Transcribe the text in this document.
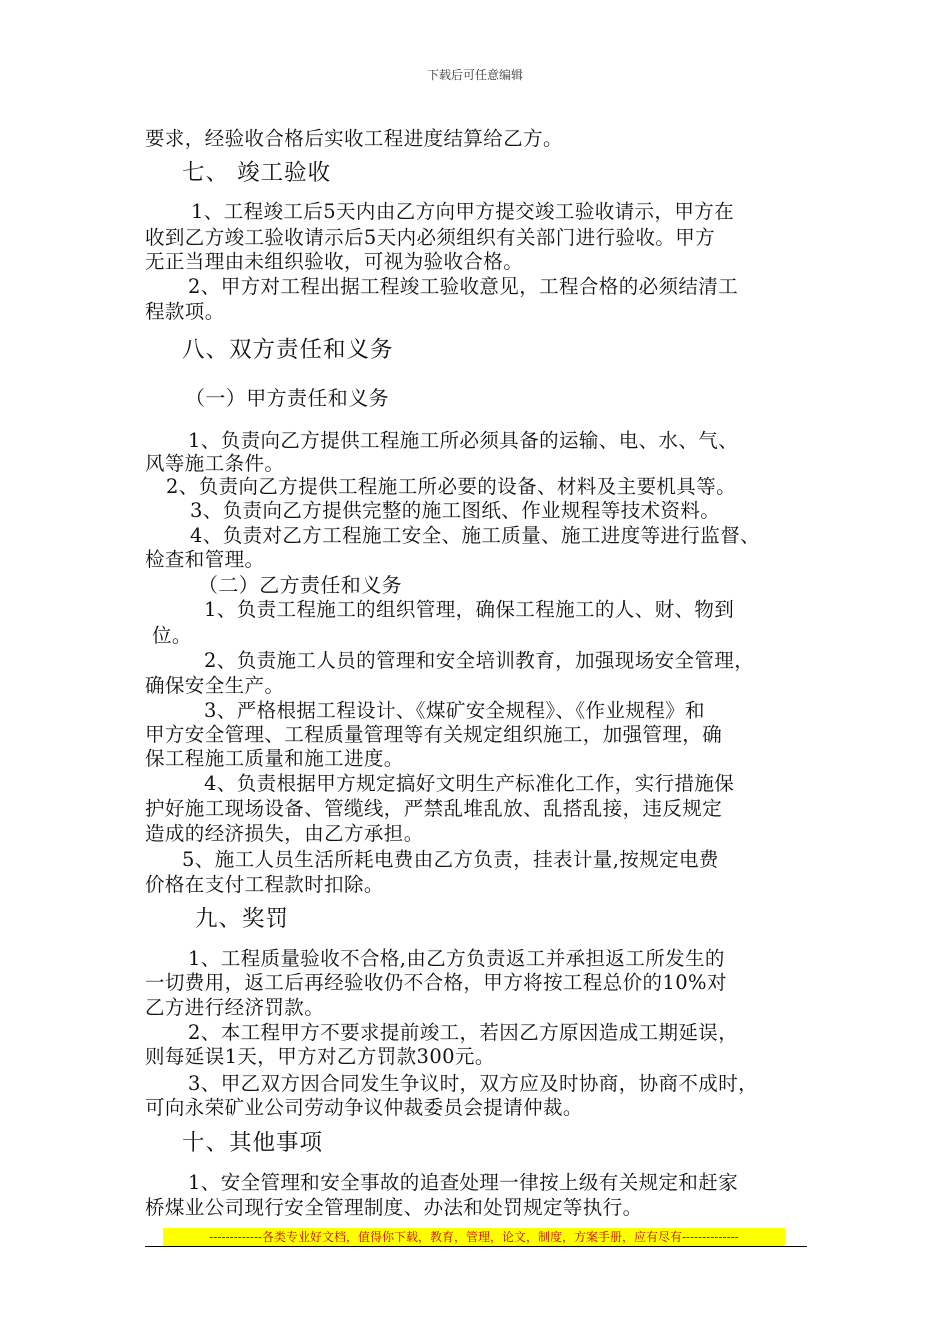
下载后可任意编辑
要求，经验收合格后实收工程进度结算给乙方。
七、 竣工验收
1、工程竣工后5天内由乙方向甲方提交竣工验收请示，甲方在
收到乙方竣工验收请示后5天内必须组织有关部门进行验收。甲方
无正当理由未组织验收，可视为验收合格。
2、甲方对工程出据工程竣工验收意见，工程合格的必须结清工
程款项。
八、双方责任和义务
（一）甲方责任和义务
1、负责向乙方提供工程施工所必须具备的运输、电、水、气、
风等施工条件。
2、负责向乙方提供工程施工所必要的设备、材料及主要机具等。
3、负责向乙方提供完整的施工图纸、作业规程等技术资料。
4、负责对乙方工程施工安全、施工质量、施工进度等进行监督、
检查和管理。
（二）乙方责任和义务
1、负责工程施工的组织管理，确保工程施工的人、财、物到
位。
2、负责施工人员的管理和安全培训教育，加强现场安全管理，
确保安全生产。
3、严格根据工程设计、《煤矿安全规程》、《作业规程》和
甲方安全管理、工程质量管理等有关规定组织施工，加强管理，确
保工程施工质量和施工进度。
4、负责根据甲方规定搞好文明生产标准化工作，实行措施保
护好施工现场设备、管缆线，严禁乱堆乱放、乱搭乱接，违反规定
造成的经济损失，由乙方承担。
5、施工人员生活所耗电费由乙方负责，挂表计量,按规定电费
价格在支付工程款时扣除。
九、奖罚
1、工程质量验收不合格,由乙方负责返工并承担返工所发生的
一切费用，返工后再经验收仍不合格，甲方将按工程总价的10%对
乙方进行经济罚款。
2、本工程甲方不要求提前竣工，若因乙方原因造成工期延误，
则每延误1天，甲方对乙方罚款300元。
3、甲乙双方因合同发生争议时，双方应及时协商，协商不成时，
可向永荣矿业公司劳动争议仲裁委员会提请仲裁。
十、其他事项
1、安全管理和安全事故的追查处理一律按上级有关规定和赶家
桥煤业公司现行安全管理制度、办法和处罚规定等执行。
-------------各类专业好文档，值得你下载，教育，管理，论文，制度，方案手册，应有尽有--------------
